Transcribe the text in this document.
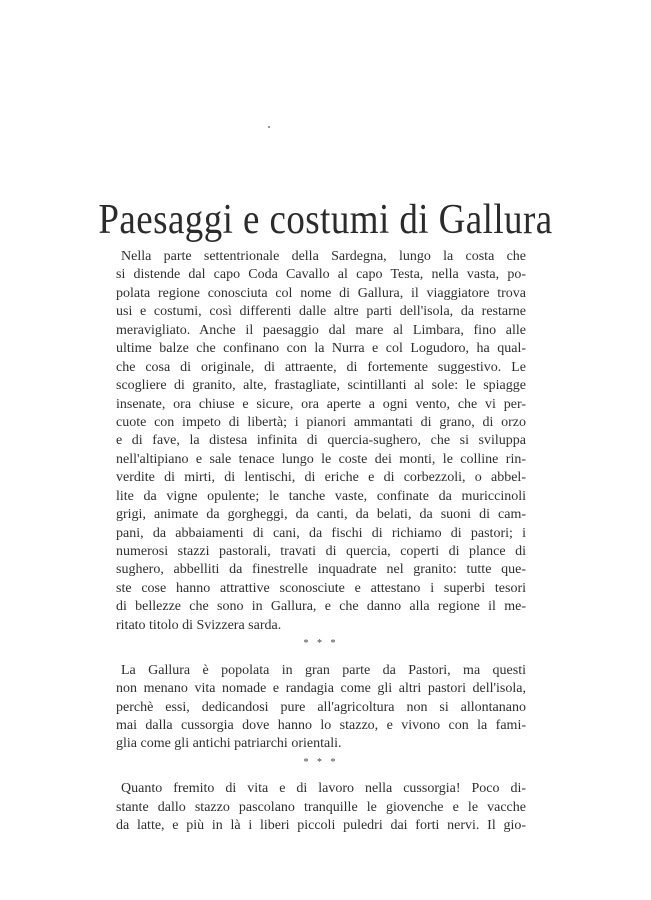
Paesaggi e costumi di Gallura
Nella parte settentrionale della Sardegna, lungo la costa che
si distende dal capo Coda Cavallo al capo Testa, nella vasta, po-
polata regione conosciuta col nome di Gallura, il viaggiatore trova
usi e costumi, così differenti dalle altre parti dell'isola, da restarne
meravigliato. Anche il paesaggio dal mare al Limbara, fino alle
ultime balze che confinano con la Nurra e col Logudoro, ha qual-
che cosa di originale, di attraente, di fortemente suggestivo. Le
scogliere di granito, alte, frastagliate, scintillanti al sole: le spiagge
insenate, ora chiuse e sicure, ora aperte a ogni vento, che vi per-
cuote con impeto di libertà; i pianori ammantati di grano, di orzo
e di fave, la distesa infinita di quercia-sughero, che si sviluppa
nell'altipiano e sale tenace lungo le coste dei monti, le colline rin-
verdite di mirti, di lentischi, di eriche e di corbezzoli, o abbel-
lite da vigne opulente; le tanche vaste, confinate da muriccinoli
grigi, animate da gorgheggi, da canti, da belati, da suoni di cam-
pani, da abbaiamenti di cani, da fischi di richiamo di pastori; i
numerosi stazzi pastorali, travati di quercia, coperti di plance di
sughero, abbelliti da finestrelle inquadrate nel granito: tutte que-
ste cose hanno attrattive sconosciute e attestano i superbi tesori
di bellezze che sono in Gallura, e che danno alla regione il me-
ritato titolo di Svizzera sarda.
* * *
La Gallura è popolata in gran parte da Pastori, ma questi
non menano vita nomade e randagia come gli altri pastori dell'isola,
perchè essi, dedicandosi pure all'agricoltura non si allontanano
mai dalla cussorgia dove hanno lo stazzo, e vivono con la fami-
glia come gli antichi patriarchi orientali.
* * *
Quanto fremito di vita e di lavoro nella cussorgia! Poco di-
stante dallo stazzo pascolano tranquille le giovenche e le vacche
da latte, e più in là i liberi piccoli puledri dai forti nervi. Il gio-
